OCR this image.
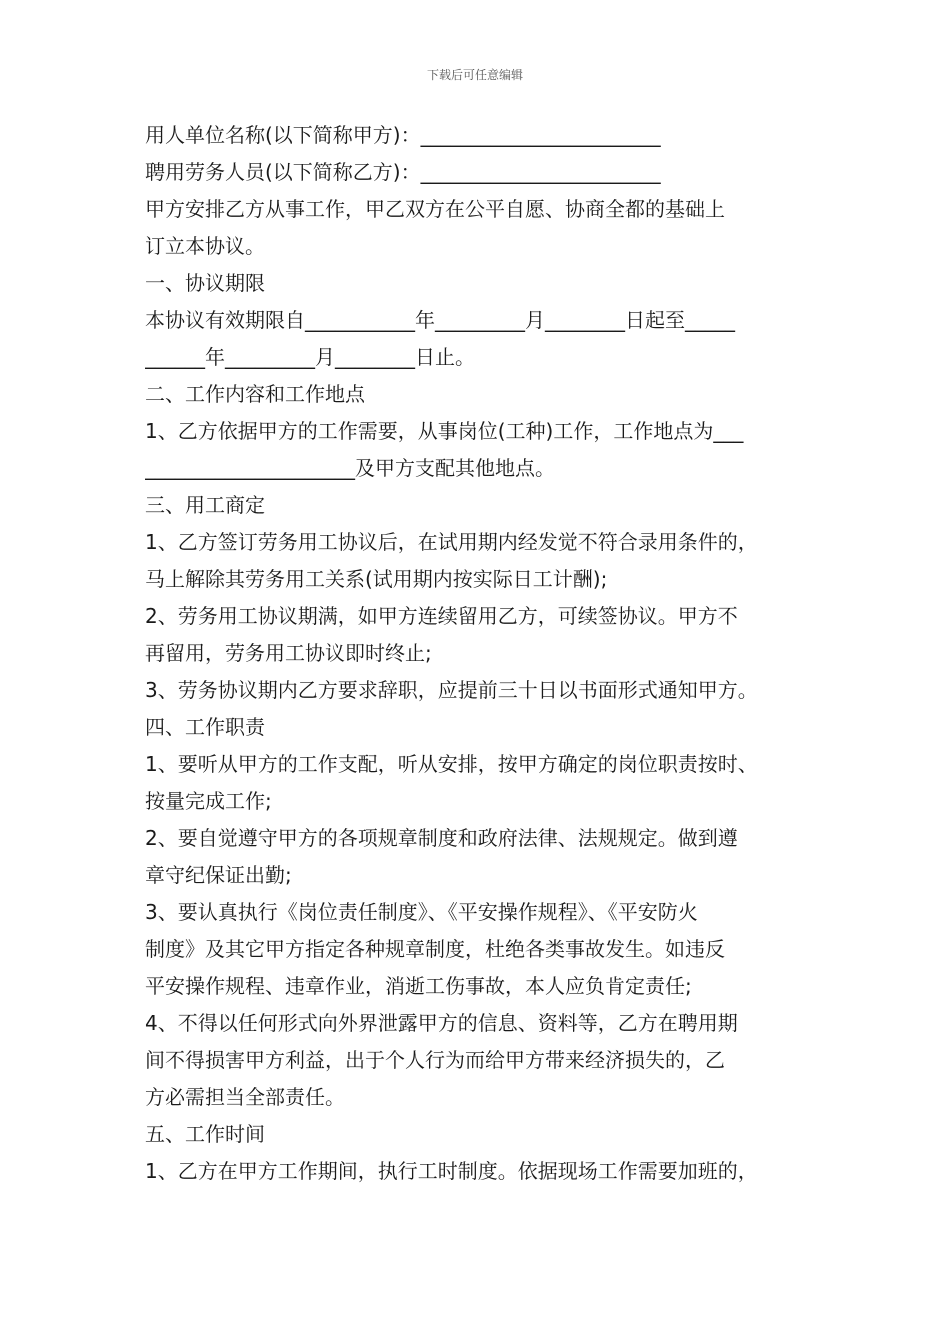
下载后可任意编辑
用人单位名称(以下简称甲方)：________________________
聘用劳务人员(以下简称乙方)：________________________
甲方安排乙方从事工作，甲乙双方在公平自愿、协商全都的基础上
订立本协议。
一、协议期限
本协议有效期限自___________年_________月________日起至_____
______年_________月________日止。
二、工作内容和工作地点
1、乙方依据甲方的工作需要，从事岗位(工种)工作，工作地点为___
_____________________及甲方支配其他地点。
三、用工商定
1、乙方签订劳务用工协议后，在试用期内经发觉不符合录用条件的，
马上解除其劳务用工关系(试用期内按实际日工计酬);
2、劳务用工协议期满，如甲方连续留用乙方，可续签协议。甲方不
再留用，劳务用工协议即时终止;
3、劳务协议期内乙方要求辞职，应提前三十日以书面形式通知甲方。
四、工作职责
1、要听从甲方的工作支配，听从安排，按甲方确定的岗位职责按时、
按量完成工作;
2、要自觉遵守甲方的各项规章制度和政府法律、法规规定。做到遵
章守纪保证出勤;
3、要认真执行《岗位责任制度》、《平安操作规程》、《平安防火
制度》及其它甲方指定各种规章制度，杜绝各类事故发生。如违反
平安操作规程、违章作业，消逝工伤事故，本人应负肯定责任;
4、不得以任何形式向外界泄露甲方的信息、资料等，乙方在聘用期
间不得损害甲方利益，出于个人行为而给甲方带来经济损失的，乙
方必需担当全部责任。
五、工作时间
1、乙方在甲方工作期间，执行工时制度。依据现场工作需要加班的，
